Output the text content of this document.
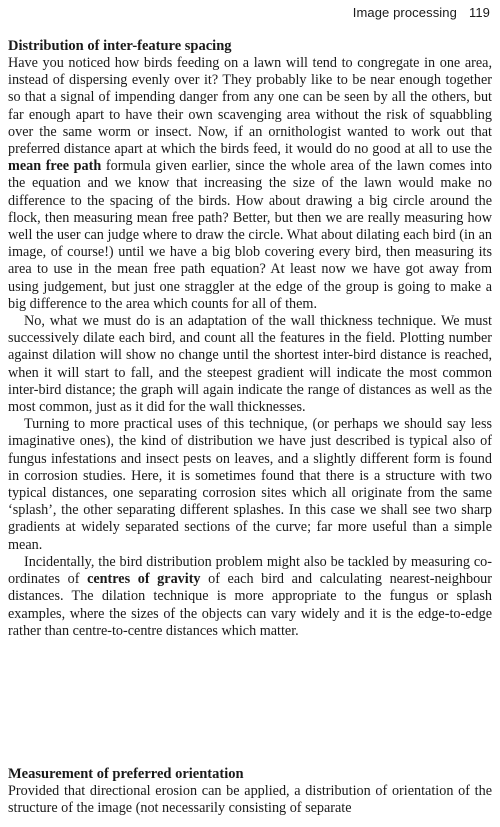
Image processing 119
Distribution of inter-feature spacing

Have you noticed how birds feeding on a lawn will tend to congregate in one area, instead of dispersing evenly over it? They probably like to be near enough together so that a signal of impending danger from any one can be seen by all the others, but far enough apart to have their own scavenging area without the risk of squabbling over the same worm or insect. Now, if an ornithologist wanted to work out that preferred distance apart at which the birds feed, it would do no good at all to use the mean free path formula given earlier, since the whole area of the lawn comes into the equation and we know that increasing the size of the lawn would make no difference to the spacing of the birds. How about drawing a big circle around the flock, then measuring mean free path? Better, but then we are really measuring how well the user can judge where to draw the circle. What about dilating each bird (in an image, of course!) until we have a big blob covering every bird, then measuring its area to use in the mean free path equation? At least now we have got away from using judgement, but just one straggler at the edge of the group is going to make a big difference to the area which counts for all of them.

No, what we must do is an adaptation of the wall thickness technique. We must successively dilate each bird, and count all the features in the field. Plotting number against dilation will show no change until the shortest inter-bird distance is reached, when it will start to fall, and the steepest gradient will indicate the most common inter-bird distance; the graph will again indicate the range of distances as well as the most common, just as it did for the wall thicknesses.

Turning to more practical uses of this technique, (or perhaps we should say less imaginative ones), the kind of distribution we have just described is typical also of fungus infestations and insect pests on leaves, and a slightly different form is found in corrosion studies. Here, it is sometimes found that there is a structure with two typical distances, one separating corrosion sites which all originate from the same ‘splash’, the other separating different splashes. In this case we shall see two sharp gradients at widely separated sections of the curve; far more useful than a simple mean.

Incidentally, the bird distribution problem might also be tackled by measuring co-ordinates of centres of gravity of each bird and calculating nearest-neighbour distances. The dilation technique is more appropriate to the fungus or splash examples, where the sizes of the objects can vary widely and it is the edge-to-edge rather than centre-to-centre distances which matter.

Measurement of preferred orientation

Provided that directional erosion can be applied, a distribution of orientation of the structure of the image (not necessarily consisting of separate
